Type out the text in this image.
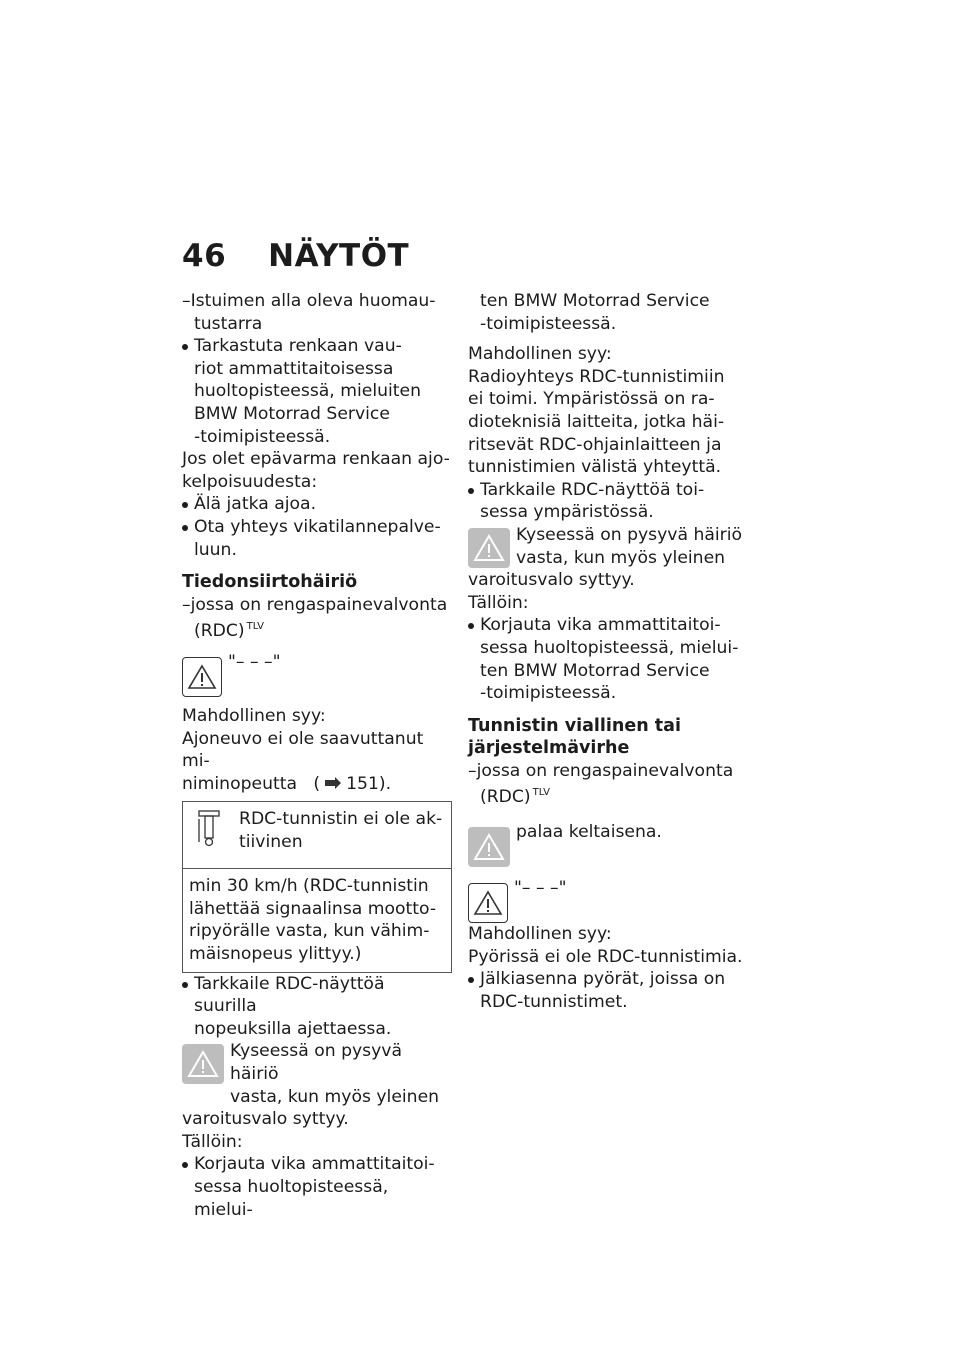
46 NÄYTÖT

–Istuimen alla oleva huomau-

tustarra

Tarkastuta renkaan vau-

riot ammattitaitoisessa

huoltopisteessä, mieluiten

BMW Motorrad Service

-toimipisteessä.

Jos olet epävarma renkaan ajo-

kelpoisuudesta:

Älä jatka ajoa.

Ota yhteys vikatilannepalve-

luun.

Tiedonsiirtohäiriö

–jossa on rengaspainevalvonta

(RDC) $^{TLV}$

"– – –"

Mahdollinen syy:

Ajoneuvo ei ole saavuttanut mi-

niminopeutta   ( 151).

RDC-tunnistin ei ole ak-
tiivinen
min 30 km/h (RDC-tunnistin
lähettää signaalinsa mootto-
ripyörälle vasta, kun vähim-
mäisnopeus ylittyy.)

Tarkkaile RDC-näyttöä suurilla

nopeuksilla ajettaessa.

Kyseessä on pysyvä häiriö
vasta, kun myös yleinen

varoitusvalo syttyy.

Tällöin:

Korjauta vika ammattitaitoi-

sessa huoltopisteessä, mielui-

ten BMW Motorrad Service

-toimipisteessä.

Mahdollinen syy:

Radioyhteys RDC-tunnistimiin

ei toimi. Ympäristössä on ra-

dioteknisiä laitteita, jotka häi-

ritsevät RDC-ohjainlaitteen ja

tunnistimien välistä yhteyttä.

Tarkkaile RDC-näyttöä toi-

sessa ympäristössä.

Kyseessä on pysyvä häiriö
vasta, kun myös yleinen

varoitusvalo syttyy.

Tällöin:

Korjauta vika ammattitaitoi-

sessa huoltopisteessä, mielui-

ten BMW Motorrad Service

-toimipisteessä.

Tunnistin viallinen tai

järjestelmävirhe

–jossa on rengaspainevalvonta

(RDC) $^{TLV}$

palaa keltaisena.
"– – –"

Mahdollinen syy:

Pyörissä ei ole RDC-tunnistimia.

Jälkiasenna pyörät, joissa on

RDC-tunnistimet.
